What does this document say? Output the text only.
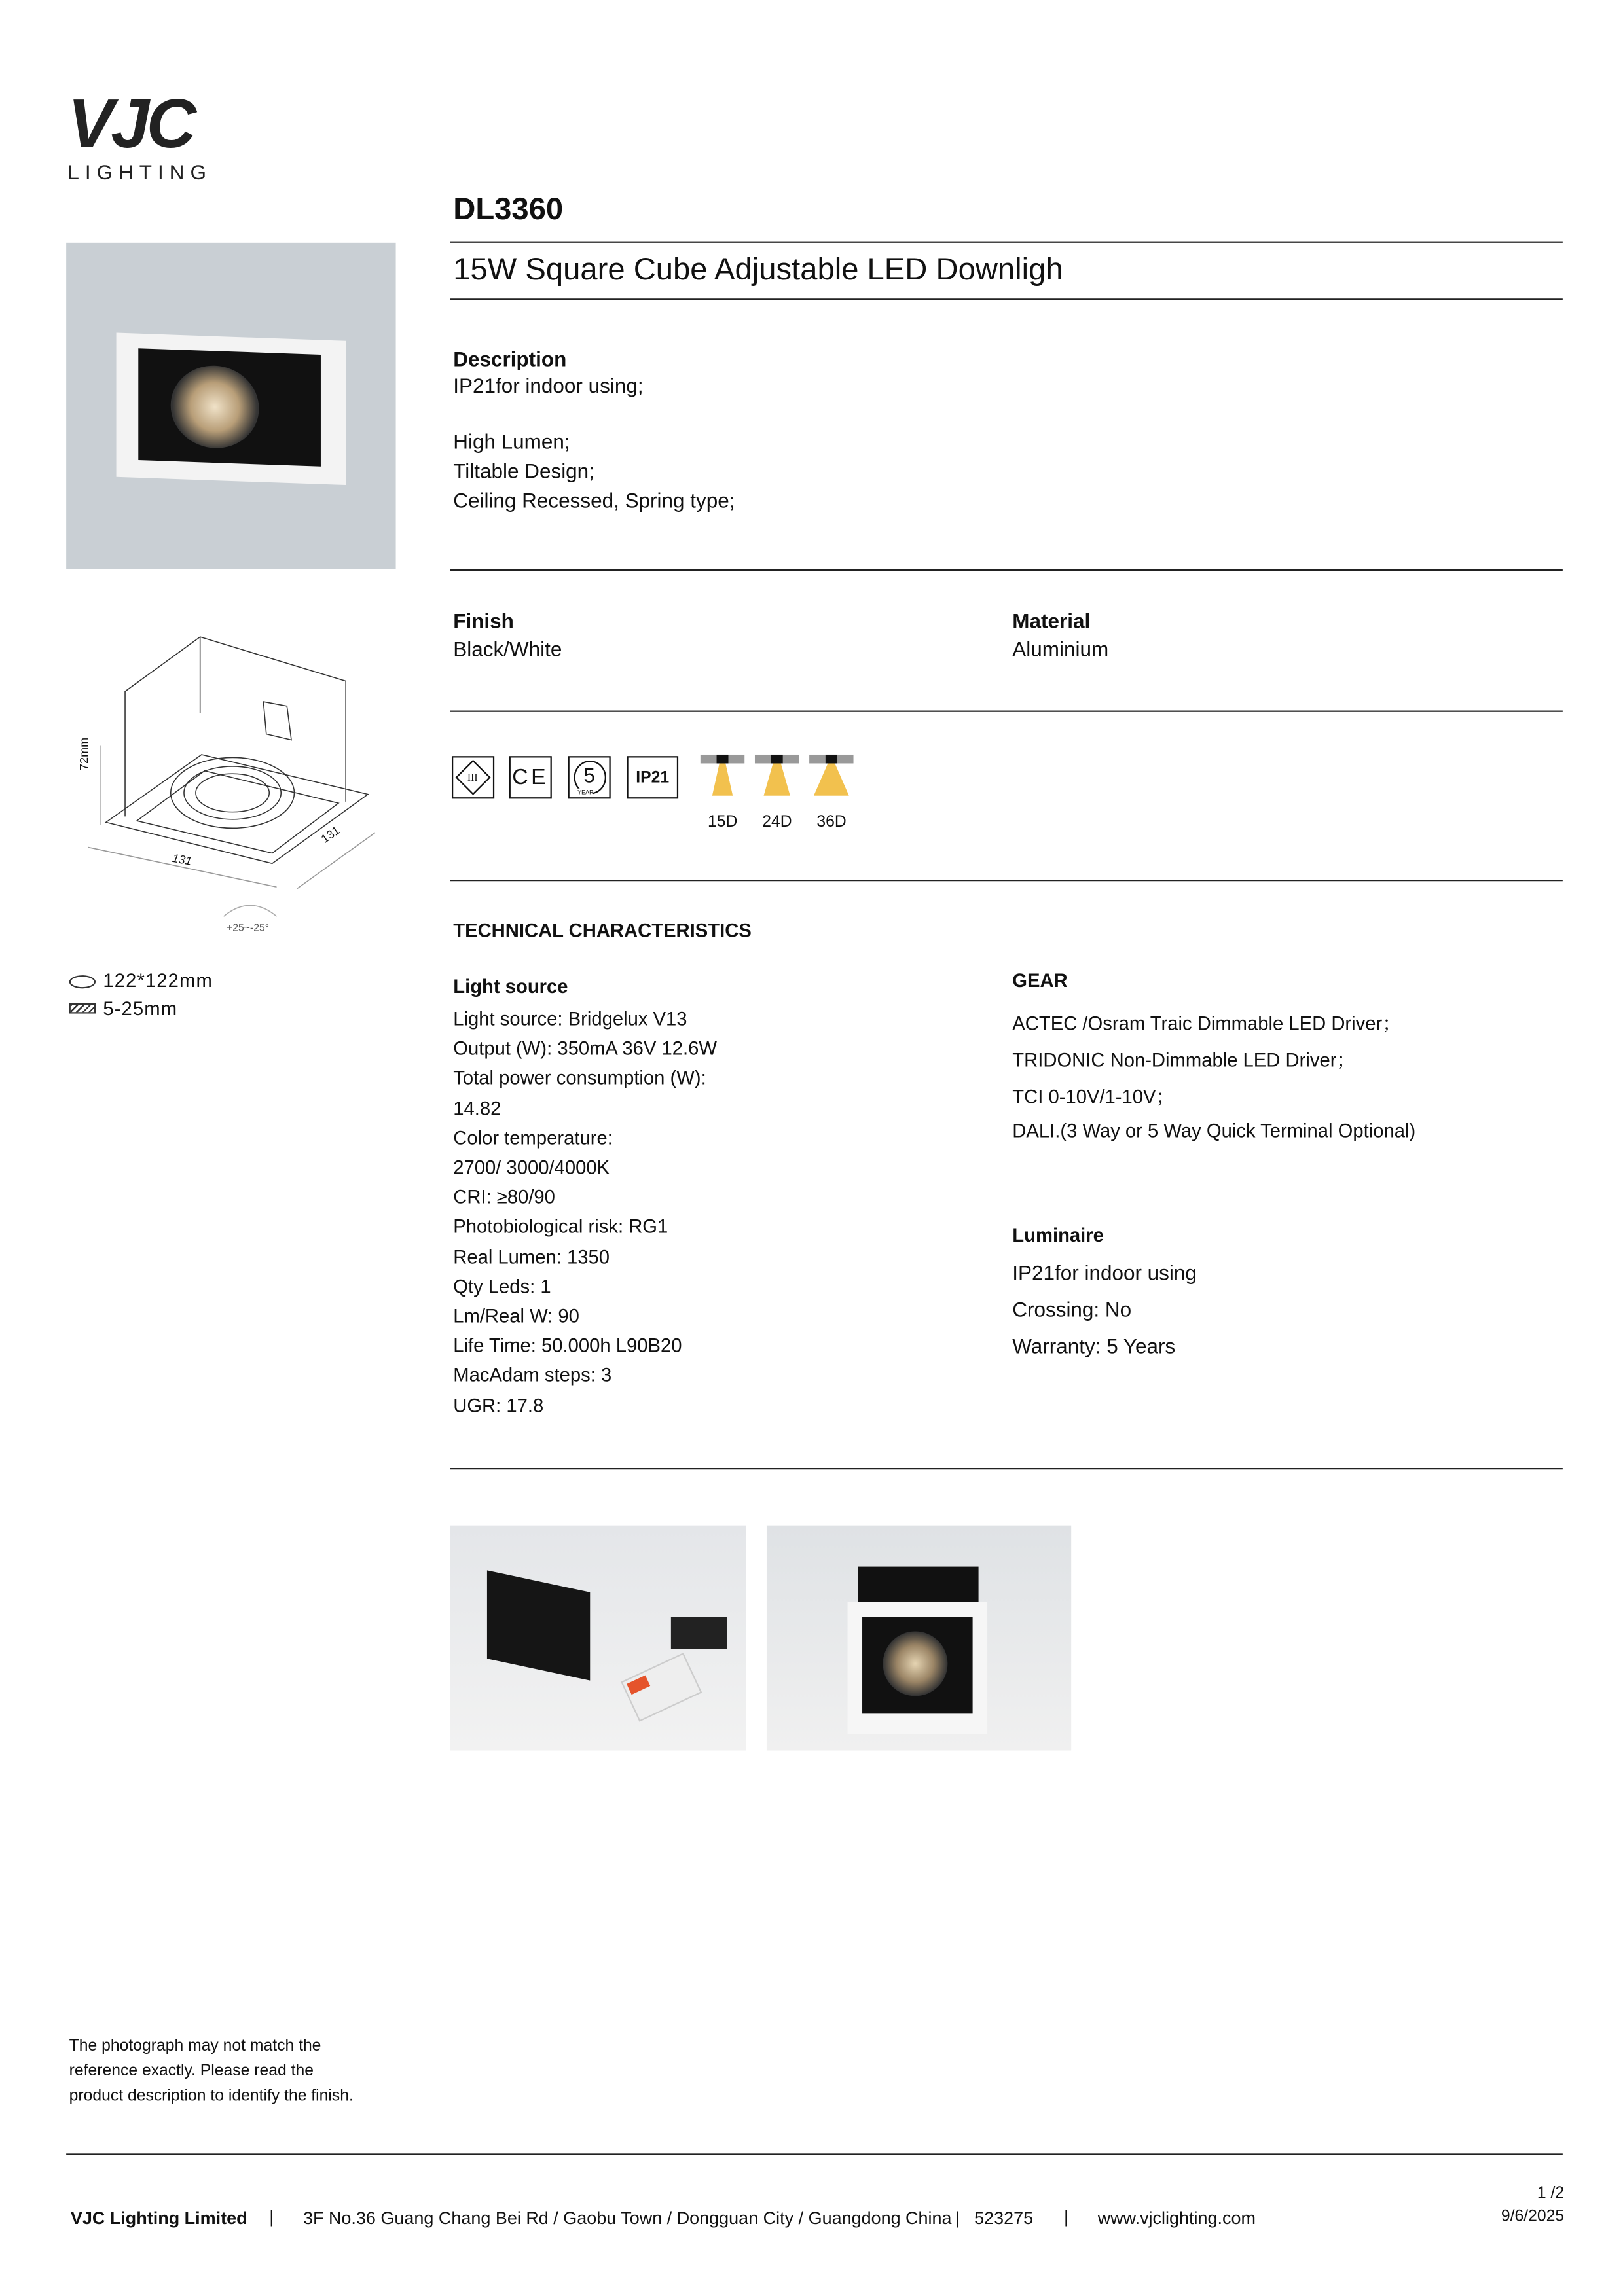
VJC
LIGHTING
DL3360
15W Square Cube Adjustable LED Downligh
Description
IP21for indoor using;
High Lumen;
Tiltable Design;
Ceiling Recessed, Spring type;
Finish
Black/White
Material
Aluminium
III	CE	5
YEAR
IP21
15D	24D	36D
72mm
131
131
+25~-25°
122*122mm
5-25mm
TECHNICAL CHARACTERISTICS
Light source
Light source: Bridgelux V13
Output (W): 350mA 36V 12.6W
Total power consumption (W):
14.82
Color temperature:
2700/ 3000/4000K
CRI: ≥80/90
Photobiological risk: RG1
Real Lumen: 1350
Qty Leds: 1
Lm/Real W: 90
Life Time: 50.000h L90B20
MacAdam steps: 3
UGR: 17.8
GEAR
ACTEC /Osram Traic Dimmable LED Driver；
TRIDONIC Non-Dimmable LED Driver；
TCI 0-10V/1-10V；
DALI.(3 Way or 5 Way Quick Terminal Optional)
Luminaire
IP21for indoor using
Crossing: No
Warranty: 5 Years
The photograph may not match the
reference exactly. Please read the
product description to identify the finish.
VJC Lighting Limited	|	3F No.36 Guang Chang Bei Rd / Gaobu Town / Dongguan City / Guangdong China |   523275	|	www.vjclighting.com
1 /2
9/6/2025
